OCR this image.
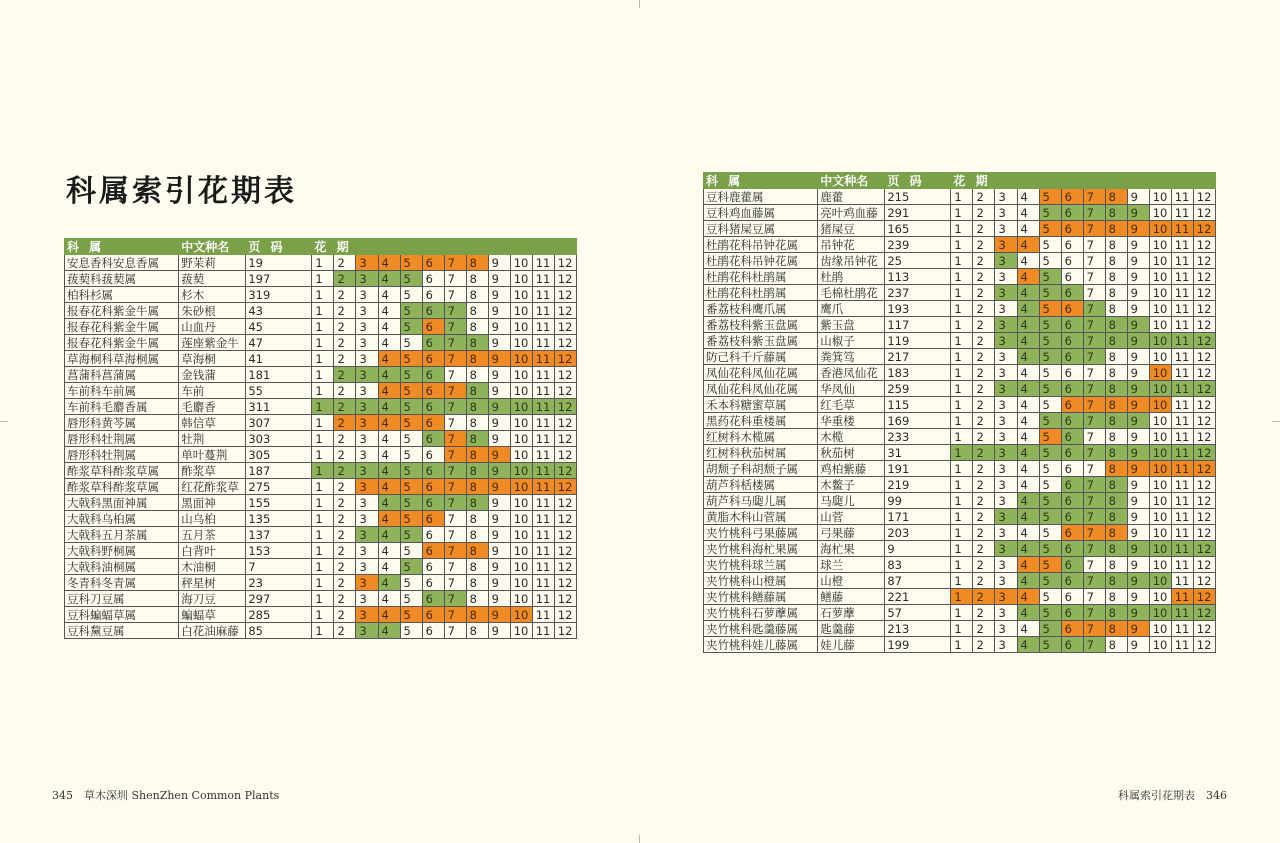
科属索引花期表
科 属	中文种名	页 码	花 期											
安息香科安息香属	野茉莉	19	1	2	3	4	5	6	7	8	9	10	11	12
菝葜科菝葜属	菝葜	197	1	2	3	4	5	6	7	8	9	10	11	12
柏科杉属	杉木	319	1	2	3	4	5	6	7	8	9	10	11	12
报春花科紫金牛属	朱砂根	43	1	2	3	4	5	6	7	8	9	10	11	12
报春花科紫金牛属	山血丹	45	1	2	3	4	5	6	7	8	9	10	11	12
报春花科紫金牛属	莲座紫金牛	47	1	2	3	4	5	6	7	8	9	10	11	12
草海桐科草海桐属	草海桐	41	1	2	3	4	5	6	7	8	9	10	11	12
菖蒲科菖蒲属	金钱蒲	181	1	2	3	4	5	6	7	8	9	10	11	12
车前科车前属	车前	55	1	2	3	4	5	6	7	8	9	10	11	12
车前科毛麝香属	毛麝香	311	1	2	3	4	5	6	7	8	9	10	11	12
唇形科黄芩属	韩信草	307	1	2	3	4	5	6	7	8	9	10	11	12
唇形科牡荆属	牡荆	303	1	2	3	4	5	6	7	8	9	10	11	12
唇形科牡荆属	单叶蔓荆	305	1	2	3	4	5	6	7	8	9	10	11	12
酢浆草科酢浆草属	酢浆草	187	1	2	3	4	5	6	7	8	9	10	11	12
酢浆草科酢浆草属	红花酢浆草	275	1	2	3	4	5	6	7	8	9	10	11	12
大戟科黑面神属	黑面神	155	1	2	3	4	5	6	7	8	9	10	11	12
大戟科乌桕属	山乌桕	135	1	2	3	4	5	6	7	8	9	10	11	12
大戟科五月茶属	五月茶	137	1	2	3	4	5	6	7	8	9	10	11	12
大戟科野桐属	白背叶	153	1	2	3	4	5	6	7	8	9	10	11	12
大戟科油桐属	木油桐	7	1	2	3	4	5	6	7	8	9	10	11	12
冬青科冬青属	秤星树	23	1	2	3	4	5	6	7	8	9	10	11	12
豆科刀豆属	海刀豆	297	1	2	3	4	5	6	7	8	9	10	11	12
豆科蝙蝠草属	蝙蝠草	285	1	2	3	4	5	6	7	8	9	10	11	12
豆科黧豆属	白花油麻藤	85	1	2	3	4	5	6	7	8	9	10	11	12
科 属	中文种名	页 码	花 期											
豆科鹿藿属	鹿藿	215	1	2	3	4	5	6	7	8	9	10	11	12
豆科鸡血藤属	亮叶鸡血藤	291	1	2	3	4	5	6	7	8	9	10	11	12
豆科猪屎豆属	猪屎豆	165	1	2	3	4	5	6	7	8	9	10	11	12
杜鹃花科吊钟花属	吊钟花	239	1	2	3	4	5	6	7	8	9	10	11	12
杜鹃花科吊钟花属	齿缘吊钟花	25	1	2	3	4	5	6	7	8	9	10	11	12
杜鹃花科杜鹃属	杜鹃	113	1	2	3	4	5	6	7	8	9	10	11	12
杜鹃花科杜鹃属	毛棉杜鹃花	237	1	2	3	4	5	6	7	8	9	10	11	12
番荔枝科鹰爪属	鹰爪	193	1	2	3	4	5	6	7	8	9	10	11	12
番荔枝科紫玉盘属	紫玉盘	117	1	2	3	4	5	6	7	8	9	10	11	12
番荔枝科紫玉盘属	山椒子	119	1	2	3	4	5	6	7	8	9	10	11	12
防己科千斤藤属	粪箕笃	217	1	2	3	4	5	6	7	8	9	10	11	12
凤仙花科凤仙花属	香港凤仙花	183	1	2	3	4	5	6	7	8	9	10	11	12
凤仙花科凤仙花属	华凤仙	259	1	2	3	4	5	6	7	8	9	10	11	12
禾本科糖蜜草属	红毛草	115	1	2	3	4	5	6	7	8	9	10	11	12
黑药花科重楼属	华重楼	169	1	2	3	4	5	6	7	8	9	10	11	12
红树科木榄属	木榄	233	1	2	3	4	5	6	7	8	9	10	11	12
红树科秋茄树属	秋茄树	31	1	2	3	4	5	6	7	8	9	10	11	12
胡颓子科胡颓子属	鸡柏紫藤	191	1	2	3	4	5	6	7	8	9	10	11	12
葫芦科栝楼属	木鳖子	219	1	2	3	4	5	6	7	8	9	10	11	12
葫芦科马瓟儿属	马瓟儿	99	1	2	3	4	5	6	7	8	9	10	11	12
黄脂木科山菅属	山菅	171	1	2	3	4	5	6	7	8	9	10	11	12
夹竹桃科弓果藤属	弓果藤	203	1	2	3	4	5	6	7	8	9	10	11	12
夹竹桃科海杧果属	海杧果	9	1	2	3	4	5	6	7	8	9	10	11	12
夹竹桃科球兰属	球兰	83	1	2	3	4	5	6	7	8	9	10	11	12
夹竹桃科山橙属	山橙	87	1	2	3	4	5	6	7	8	9	10	11	12
夹竹桃科鳝藤属	鳝藤	221	1	2	3	4	5	6	7	8	9	10	11	12
夹竹桃科石萝藦属	石萝藦	57	1	2	3	4	5	6	7	8	9	10	11	12
夹竹桃科匙羹藤属	匙羹藤	213	1	2	3	4	5	6	7	8	9	10	11	12
夹竹桃科娃儿藤属	娃儿藤	199	1	2	3	4	5	6	7	8	9	10	11	12
345　草木深圳 ShenZhen Common Plants	科属索引花期表　346
